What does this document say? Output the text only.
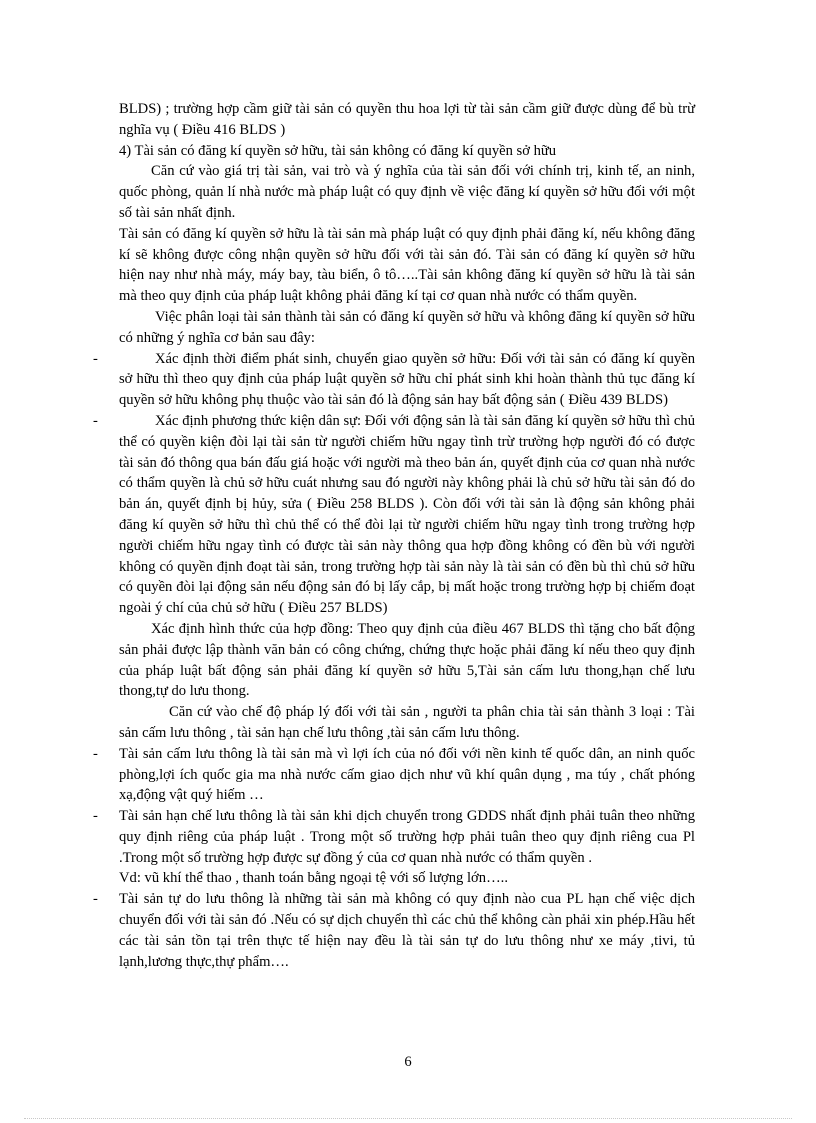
BLDS) ; trường hợp cầm giữ tài sản có quyền thu hoa lợi từ tài sản cầm giữ được dùng để bù trừ nghĩa vụ ( Điều 416 BLDS )

4) Tài sản có đăng kí quyền sở hữu, tài sản không có đăng kí quyền sở hữu

Căn cứ vào giá trị tài sản, vai trò và ý nghĩa của tài sản đối với chính trị, kinh tế, an ninh, quốc phòng, quản lí nhà nước mà pháp luật có quy định về việc đăng kí quyền sở hữu đối với một số tài sản nhất định.

Tài sản có đăng kí quyền sở hữu là tài sản mà pháp luật có quy định phải đăng kí, nếu không đăng kí sẽ không được công nhận quyền sở hữu đối với tài sản đó. Tài sản có đăng kí quyền sở hữu hiện nay như nhà máy, máy bay, tàu biển, ô tô…..Tài sản không đăng kí quyền sở hữu là tài sản mà theo quy định của pháp luật không phải đăng kí tại cơ quan nhà nước có thẩm quyền.

Việc phân loại tài sản thành tài sản có đăng kí quyền sở hữu và không đăng kí quyền sở hữu có những ý nghĩa cơ bản sau đây:

-	Xác định thời điểm phát sinh, chuyển giao quyền sở hữu: Đối với tài sản có đăng kí quyền sở hữu thì theo quy định của pháp luật quyền sở hữu chỉ phát sinh khi hoàn thành thủ tục đăng kí quyền sở hữu không phụ thuộc vào tài sản đó là động sản hay bất động sản ( Điều 439 BLDS)

-	Xác định phương thức kiện dân sự: Đối với động sản là tài sản đăng kí quyền sở hữu thì chủ thể có quyền kiện đòi lại tài sản từ người chiếm hữu ngay tình trừ trường hợp người đó có được tài sản đó thông qua bán đấu giá hoặc với người mà theo bản án, quyết định của cơ quan nhà nước có thẩm quyền là chủ sở hữu cuát nhưng sau đó người này không phải là chủ sở hữu tài sản đó do bản án, quyết định bị hủy, sửa ( Điều 258 BLDS ). Còn đối với tài sản là động sản không phải đăng kí quyền sở hữu thì chủ thể có thể đòi lại từ người chiếm hữu ngay tình trong trường hợp người chiếm hữu ngay tình có được tài sản này thông qua hợp đồng không có đền bù với người không có quyền định đoạt tài sản, trong trường hợp tài sản này là tài sản có đền bù thì chủ sở hữu có quyền đòi lại động sản nếu động sản đó bị lấy cắp, bị mất hoặc trong trường hợp bị chiếm đoạt ngoài ý chí của chủ sở hữu ( Điều 257 BLDS)

Xác định hình thức của hợp đồng: Theo quy định của điều 467 BLDS thì tặng cho bất động sản phải được lập thành văn bản có công chứng, chứng thực hoặc phải đăng kí nếu theo quy định của pháp luật bất động sản phải đăng kí quyền sở hữu 5,Tài sản cấm lưu thong,hạn chế lưu thong,tự do lưu thong.

Căn cứ vào chế độ pháp lý đối với tài sản , người ta phân chia tài sản thành 3 loại : Tài sản cấm lưu thông , tài sản hạn chế lưu thông ,tài sản cấm lưu thông.

- Tài sản cấm lưu thông là tài sản mà vì lợi ích của nó đối với nền kinh tế quốc dân, an ninh quốc phòng,lợi ích quốc gia ma nhà nước cấm giao dịch như vũ khí quân dụng , ma túy , chất phóng xạ,động vật quý hiếm …

- Tài sản hạn chế lưu thông là tài sản khi dịch chuyển trong GDDS nhất định phải tuân theo những quy định riêng của pháp luật . Trong một số trường hợp phải tuân theo quy định riêng cua Pl .Trong một số trường hợp được sự đồng ý của cơ quan nhà nước có thẩm quyền .

Vd: vũ khí thể thao , thanh toán bằng ngoại tệ với số lượng lớn…..

- Tài sản tự do lưu thông là những tài sản mà không có quy định nào cua PL hạn chế việc dịch chuyển đối với tài sản đó .Nếu có sự dịch chuyển thì các chủ thể không càn phải xin phép.Hầu hết các tài sản tồn tại trên thực tế hiện nay đều là tài sản tự do lưu thông như xe máy ,tivi, tủ lạnh,lương thực,thự phẩm….

6
